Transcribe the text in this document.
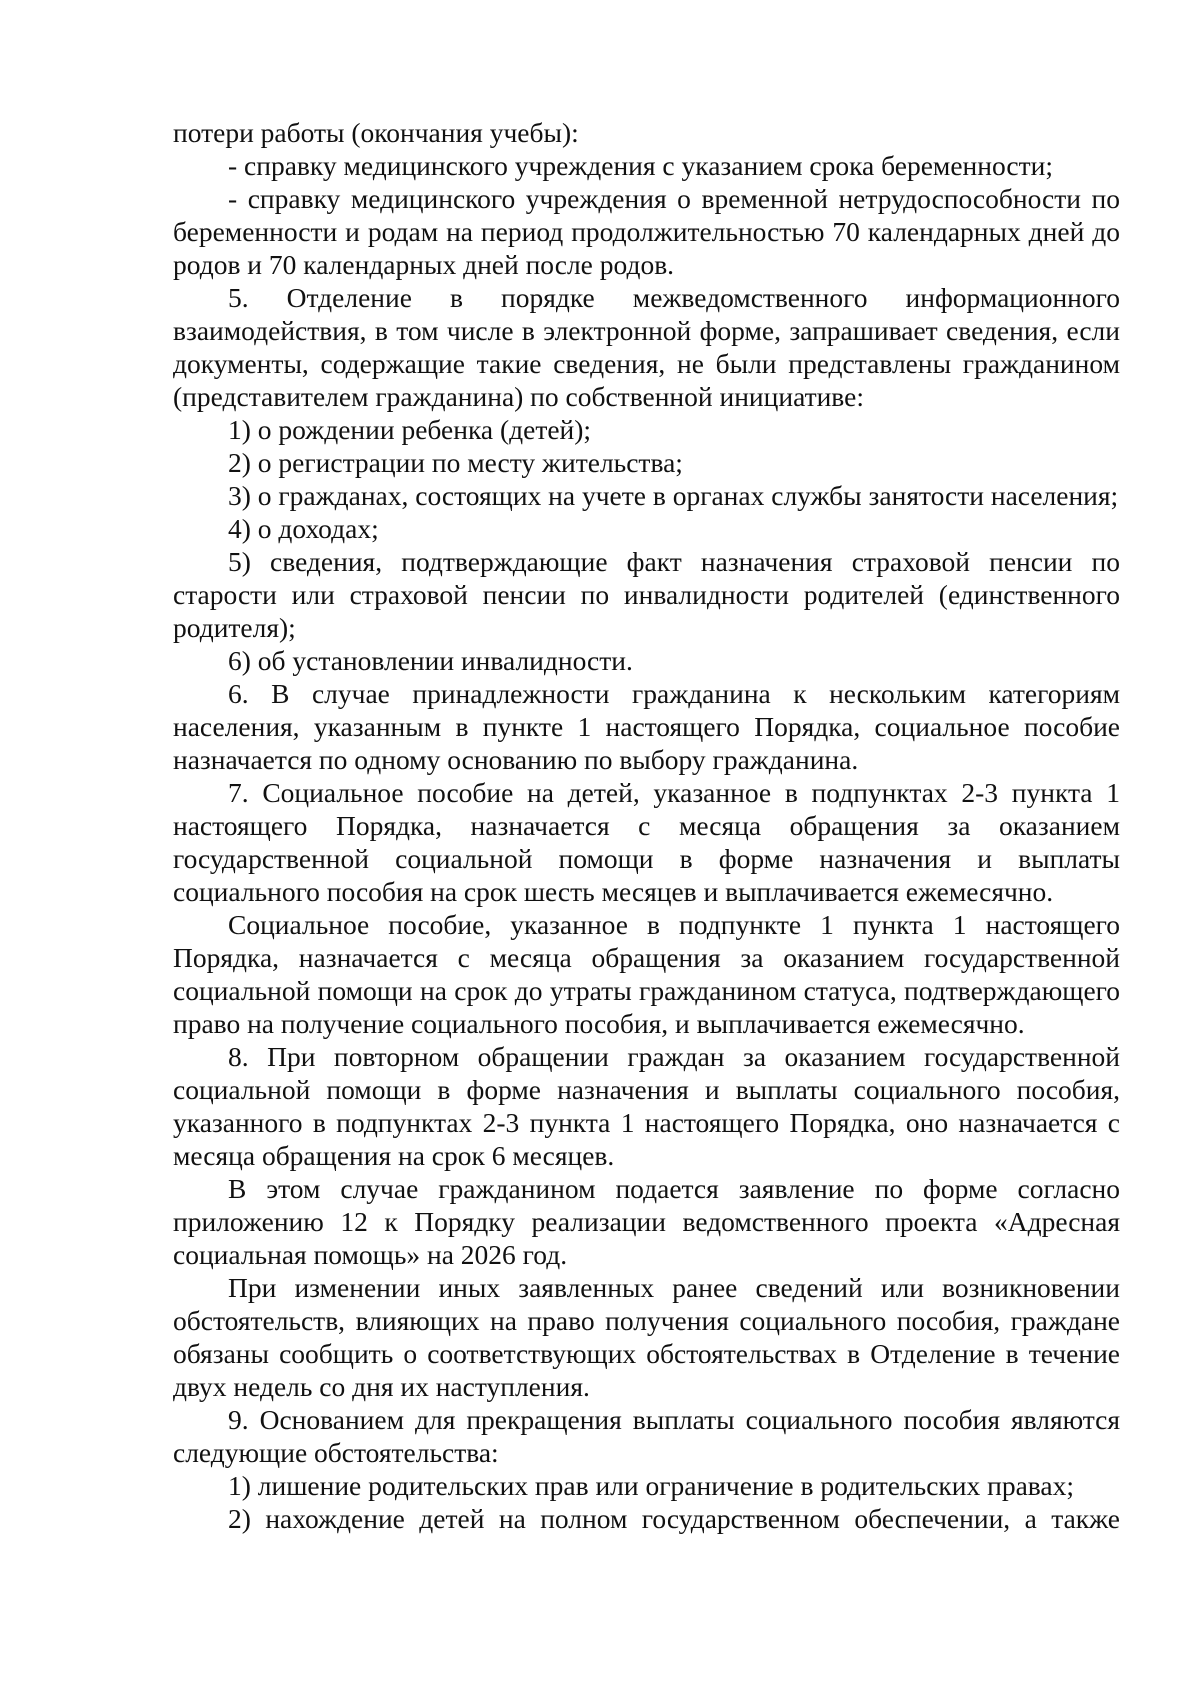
потери работы (окончания учебы):

- справку медицинского учреждения с указанием срока беременности;

- справку медицинского учреждения о временной нетрудоспособности по беременности и родам на период продолжительностью 70 календарных дней до родов и 70 календарных дней после родов.

5. Отделение в порядке межведомственного информационного взаимодействия, в том числе в электронной форме, запрашивает сведения, если документы, содержащие такие сведения, не были представлены гражданином (представителем гражданина) по собственной инициативе:

1) о рождении ребенка (детей);

2) о регистрации по месту жительства;

3) о гражданах, состоящих на учете в органах службы занятости населения;

4) о доходах;

5) сведения, подтверждающие факт назначения страховой пенсии по старости или страховой пенсии по инвалидности родителей (единственного родителя);

6) об установлении инвалидности.

6. В случае принадлежности гражданина к нескольким категориям населения, указанным в пункте 1 настоящего Порядка, социальное пособие назначается по одному основанию по выбору гражданина.

7. Социальное пособие на детей, указанное в подпунктах 2-3 пункта 1 настоящего Порядка, назначается с месяца обращения за оказанием государственной социальной помощи в форме назначения и выплаты социального пособия на срок шесть месяцев и выплачивается ежемесячно.

Социальное пособие, указанное в подпункте 1 пункта 1 настоящего Порядка, назначается с месяца обращения за оказанием государственной социальной помощи на срок до утраты гражданином статуса, подтверждающего право на получение социального пособия, и выплачивается ежемесячно.

8. При повторном обращении граждан за оказанием государственной социальной помощи в форме назначения и выплаты социального пособия, указанного в подпунктах 2-3 пункта 1 настоящего Порядка, оно назначается с месяца обращения на срок 6 месяцев.

В этом случае гражданином подается заявление по форме согласно приложению 12 к Порядку реализации ведомственного проекта «Адресная социальная помощь» на 2026 год.

При изменении иных заявленных ранее сведений или возникновении обстоятельств, влияющих на право получения социального пособия, граждане обязаны сообщить о соответствующих обстоятельствах в Отделение в течение двух недель со дня их наступления.

9. Основанием для прекращения выплаты социального пособия являются следующие обстоятельства:

1) лишение родительских прав или ограничение в родительских правах;

2) нахождение детей на полном государственном обеспечении, а также
